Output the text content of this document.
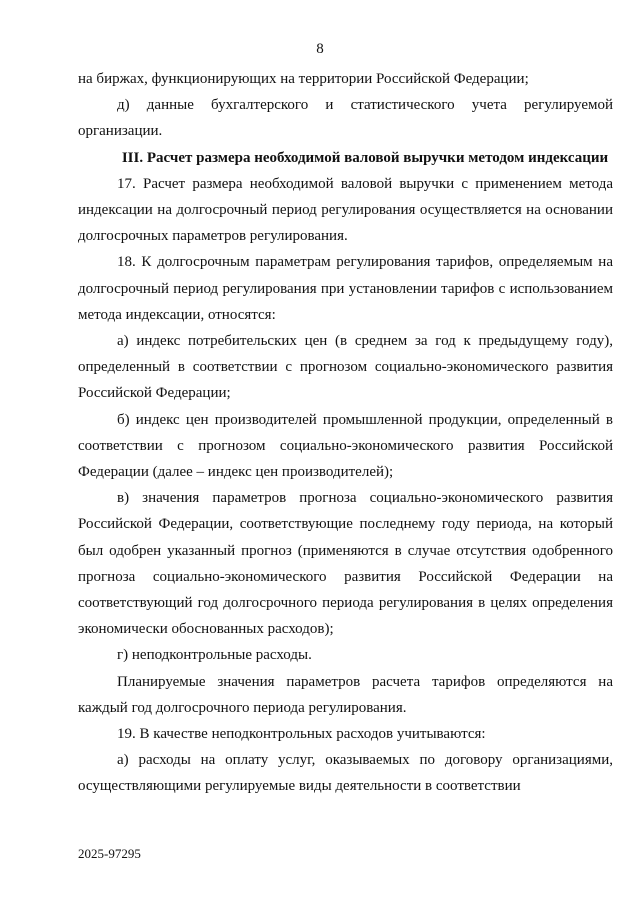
8

на биржах, функционирующих на территории Российской Федерации;

д) данные бухгалтерского и статистического учета регулируемой организации.

III. Расчет размера необходимой валовой выручки методом индексации

17. Расчет размера необходимой валовой выручки с применением метода индексации на долгосрочный период регулирования осуществляется на основании долгосрочных параметров регулирования.

18. К долгосрочным параметрам регулирования тарифов, определяемым на долгосрочный период регулирования при установлении тарифов с использованием метода индексации, относятся:

а) индекс потребительских цен (в среднем за год к предыдущему году), определенный в соответствии с прогнозом социально-экономического развития Российской Федерации;

б) индекс цен производителей промышленной продукции, определенный в соответствии с прогнозом социально-экономического развития Российской Федерации (далее – индекс цен производителей);

в) значения параметров прогноза социально-экономического развития Российской Федерации, соответствующие последнему году периода, на который был одобрен указанный прогноз (применяются в случае отсутствия одобренного прогноза социально-экономического развития Российской Федерации на соответствующий год долгосрочного периода регулирования в целях определения экономически обоснованных расходов);

г) неподконтрольные расходы.

Планируемые значения параметров расчета тарифов определяются на каждый год долгосрочного периода регулирования.

19. В качестве неподконтрольных расходов учитываются:

а) расходы на оплату услуг, оказываемых по договору организациями, осуществляющими регулируемые виды деятельности в соответствии

2025-97295
